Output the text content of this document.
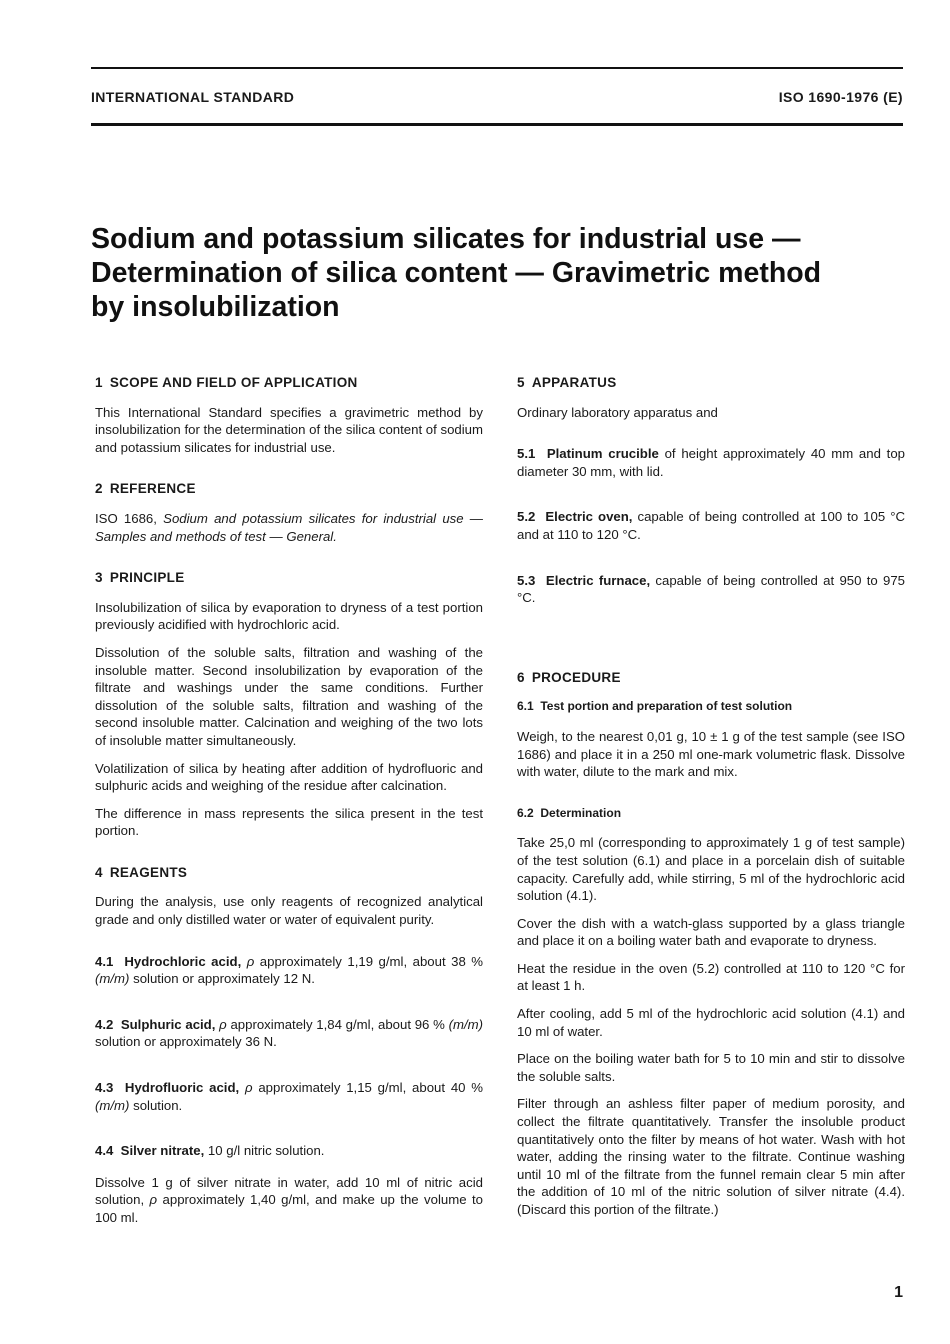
INTERNATIONAL STANDARD	ISO 1690-1976 (E)
Sodium and potassium silicates for industrial use —
Determination of silica content — Gravimetric method
by insolubilization
1 SCOPE AND FIELD OF APPLICATION

This International Standard specifies a gravimetric method by insolubilization for the determination of the silica content of sodium and potassium silicates for industrial use.

2 REFERENCE

ISO 1686, Sodium and potassium silicates for industrial use — Samples and methods of test — General.

3 PRINCIPLE

Insolubilization of silica by evaporation to dryness of a test portion previously acidified with hydrochloric acid.

Dissolution of the soluble salts, filtration and washing of the insoluble matter. Second insolubilization by evaporation of the filtrate and washings under the same conditions. Further dissolution of the soluble salts, filtration and washing of the second insoluble matter. Calcination and weighing of the two lots of insoluble matter simultaneously.

Volatilization of silica by heating after addition of hydrofluoric and sulphuric acids and weighing of the residue after calcination.

The difference in mass represents the silica present in the test portion.

4 REAGENTS

During the analysis, use only reagents of recognized analytical grade and only distilled water or water of equivalent purity.

4.1 Hydrochloric acid, ρ approximately 1,19 g/ml, about 38 % (m/m) solution or approximately 12 N.

4.2 Sulphuric acid, ρ approximately 1,84 g/ml, about 96 % (m/m) solution or approximately 36 N.

4.3 Hydrofluoric acid, ρ approximately 1,15 g/ml, about 40 % (m/m) solution.

4.4 Silver nitrate, 10 g/l nitric solution.

Dissolve 1 g of silver nitrate in water, add 10 ml of nitric acid solution, ρ approximately 1,40 g/ml, and make up the volume to 100 ml.

5 APPARATUS

Ordinary laboratory apparatus and

5.1 Platinum crucible of height approximately 40 mm and top diameter 30 mm, with lid.

5.2 Electric oven, capable of being controlled at 100 to 105 °C and at 110 to 120 °C.

5.3 Electric furnace, capable of being controlled at 950 to 975 °C.

6 PROCEDURE
6.1 Test portion and preparation of test solution

Weigh, to the nearest 0,01 g, 10 ± 1 g of the test sample (see ISO 1686) and place it in a 250 ml one-mark volumetric flask. Dissolve with water, dilute to the mark and mix.

6.2 Determination

Take 25,0 ml (corresponding to approximately 1 g of test sample) of the test solution (6.1) and place in a porcelain dish of suitable capacity. Carefully add, while stirring, 5 ml of the hydrochloric acid solution (4.1).

Cover the dish with a watch-glass supported by a glass triangle and place it on a boiling water bath and evaporate to dryness.

Heat the residue in the oven (5.2) controlled at 110 to 120 °C for at least 1 h.

After cooling, add 5 ml of the hydrochloric acid solution (4.1) and 10 ml of water.

Place on the boiling water bath for 5 to 10 min and stir to dissolve the soluble salts.

Filter through an ashless filter paper of medium porosity, and collect the filtrate quantitatively. Transfer the insoluble product quantitatively onto the filter by means of hot water. Wash with hot water, adding the rinsing water to the filtrate. Continue washing until 10 ml of the filtrate from the funnel remain clear 5 min after the addition of 10 ml of the nitric solution of silver nitrate (4.4). (Discard this portion of the filtrate.)

1
